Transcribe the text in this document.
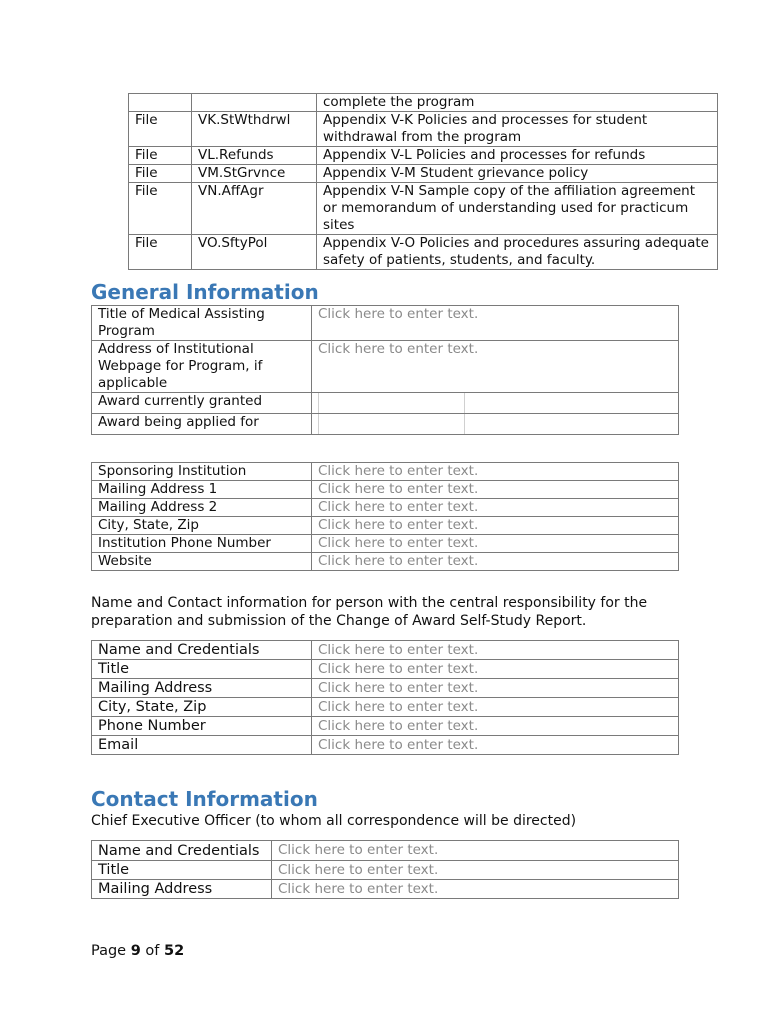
		complete the program
File	VK.StWthdrwl	Appendix V-K Policies and processes for student withdrawal from the program
File	VL.Refunds	Appendix V-L Policies and processes for refunds
File	VM.StGrvnce	Appendix V-M Student grievance policy
File	VN.AffAgr	Appendix V-N Sample copy of the affiliation agreement or memorandum of understanding used for practicum sites
File	VO.SftyPol	Appendix V-O Policies and procedures assuring adequate safety of patients, students, and faculty.
General Information
Title of Medical Assisting Program	Click here to enter text.
Address of Institutional Webpage for Program, if applicable	Click here to enter text.
Award currently granted	

Award being applied for	
Sponsoring Institution	Click here to enter text.
Mailing Address 1	Click here to enter text.
Mailing Address 2	Click here to enter text.
City, State, Zip	Click here to enter text.
Institution Phone Number	Click here to enter text.
Website	Click here to enter text.

Name and Contact information for person with the central responsibility for the preparation and submission of the Change of Award Self-Study Report.

Name and Credentials	Click here to enter text.
Title	Click here to enter text.
Mailing Address	Click here to enter text.
City, State, Zip	Click here to enter text.
Phone Number	Click here to enter text.
Email	Click here to enter text.
Contact Information

Chief Executive Officer (to whom all correspondence will be directed)

Name and Credentials	Click here to enter text.
Title	Click here to enter text.
Mailing Address	Click here to enter text.
Page 9 of 52
